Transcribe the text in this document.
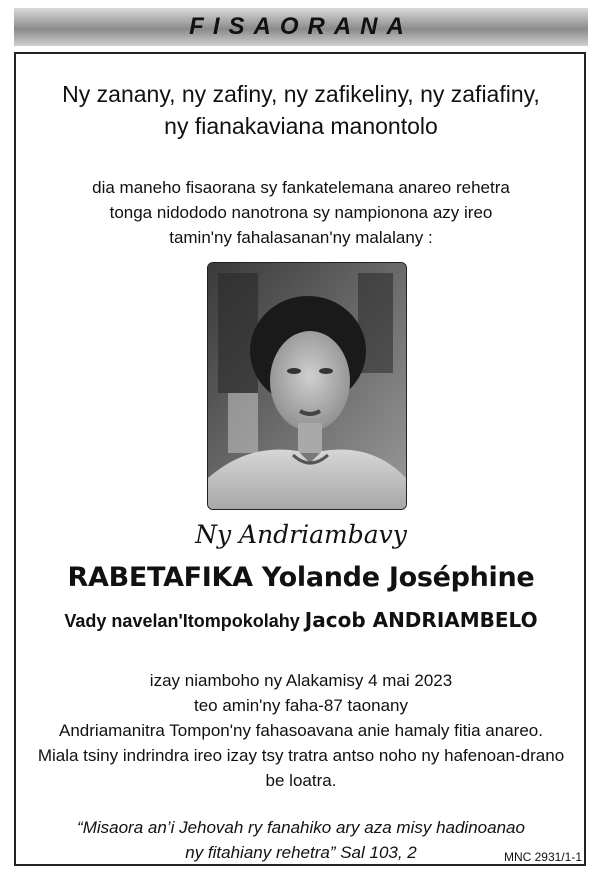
FISAORANA
Ny zanany, ny zafiny, ny zafikeliny, ny zafiafiny,
ny fianakaviana manontolo
dia maneho fisaorana sy fankatelemana anareo rehetra
tonga nidododo nanotrona sy nampionona azy ireo
tamin'ny fahalasanan'ny malalany :
Ny Andriambavy
RABETAFIKA Yolande Joséphine
Vady navelan'Itompokolahy Jacob ANDRIAMBELO
izay niamboho ny Alakamisy 4 mai 2023
teo amin'ny faha-87 taonany
Andriamanitra Tompon'ny fahasoavana anie hamaly fitia anareo.
Miala tsiny indrindra ireo izay tsy tratra antso noho ny hafenoan-drano
be loatra.
“Misaora an’i Jehovah ry fanahiko ary aza misy hadinoanao
ny fitahiany rehetra” Sal 103, 2	MNC 2931/1-1
